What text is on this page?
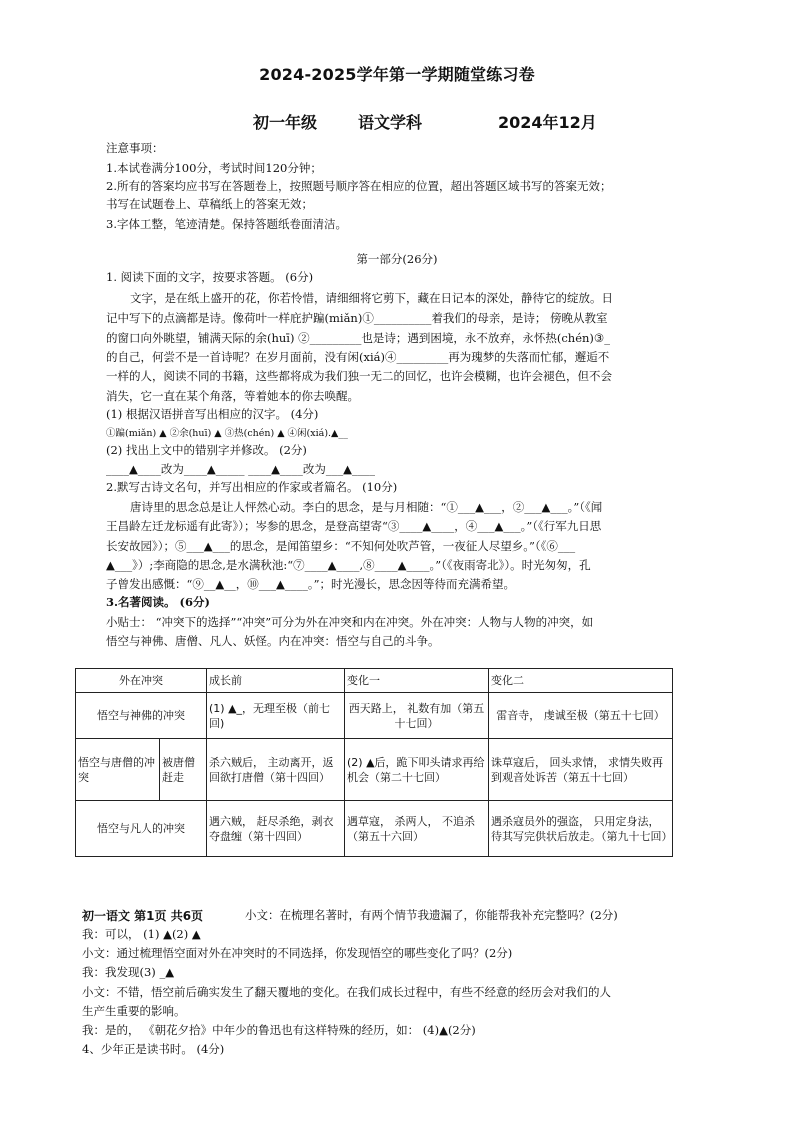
2024-2025学年第一学期随堂练习卷
初一年级	语文学科	2024年12月
注意事项：
1.本试卷满分100分，考试时间120分钟；
2.所有的答案均应书写在答题卷上，按照题号顺序答在相应的位置，超出答题区域书写的答案无效；
书写在试题卷上、草稿纸上的答案无效；
3.字体工整，笔迹清楚。保持答题纸卷面清洁。
第一部分(26分)
1. 阅读下面的文字，按要求答题。 (6分)
文字，是在纸上盛开的花，你若怜惜，请细细将它剪下，藏在日记本的深处，静待它的绽放。日
记中写下的点滴都是诗。像荷叶一样庇护蹁(miǎn)①__________着我们的母亲，是诗； 傍晚从教室
的窗口向外眺望，铺满天际的余(huī) ②_________也是诗；遇到困境，永不放弃，永怀热(chén)③_
的自己，何尝不是一首诗呢？在岁月面前，没有闲(xiá)④_________再为瑰梦的失落而忙郁，邂逅不
一样的人，阅读不同的书籍，这些都将成为我们独一无二的回忆，也许会模糊，也许会褪色，但不会
消失，它一直在某个角落，等着她本的你去唤醒。
(1) 根据汉语拼音写出相应的汉字。 (4分)
①蹁(miǎn) ▲ ②余(huī) ▲ ③热(chén) ▲ ④闲(xiá).▲__
(2) 找出上文中的错别字并修改。 (2分)
____▲____改为____▲_____ ____▲____改为___▲____
2.默写古诗文名句，并写出相应的作家或者篇名。 (10分)
唐诗里的思念总是让人怦然心动。李白的思念，是与月相随：“①___▲___，②___▲___。”（《闻
王昌龄左迁龙标遥有此寄》）；岑参的思念，是登高望寄“③____▲____，④___▲___。”（《行军九日思
长安故园》）；⑤___▲___的思念，是闻笛望乡：“不知何处吹芦管，一夜征人尽望乡。”（《⑥___
▲___》）;李商隐的思念,是水满秋池:“⑦____▲____,⑧____▲____。”（《夜雨寄北》）。时光匆匆，孔
子曾发出感慨：“⑨__▲__，⑩___▲____。”；时光漫长，思念因等待而充满希望。
3.名著阅读。 (6分)
小贴士： “冲突下的选择”“冲突”可分为外在冲突和内在冲突。外在冲突：人物与人物的冲突，如
悟空与神佛、唐僧、凡人、妖怪。内在冲突：悟空与自己的斗争。
外在冲突		成长前	变化一	变化二
悟空与神佛的冲突		(1) ▲_，无理至极（前七回)	西天路上， 礼数有加（第五十七回）	雷音寺， 虔诚至极（第五十七回）
悟空与唐僧的冲突	被唐僧赶走	杀六贼后， 主动离开，返回欲打唐僧（第十四回）	(2) ▲后，跪下叩头请求再给机会（第二十七回）	诛草寇后， 回头求情， 求情失败再到观音处诉苦（第五十七回）
悟空与凡人的冲突		遇六贼， 赶尽杀绝，剥衣夺盘缠（第十四回）	遇草寇， 杀两人， 不追杀（第五十六回）	遇杀寇员外的强盗， 只用定身法，待其写完供状后放走。（第九十七回）
初一语文 第1页 共6页	小文：在梳理名著时，有两个情节我遗漏了，你能帮我补充完整吗？(2分)
我：可以， (1) ▲(2) ▲
小文：通过梳理悟空面对外在冲突时的不同选择，你发现悟空的哪些变化了吗？(2分)
我：我发现(3) _▲
小文：不错，悟空前后确实发生了翻天覆地的变化。在我们成长过程中，有些不经意的经历会对我们的人
生产生重要的影响。
我：是的， 《朝花夕拾》中年少的鲁迅也有这样特殊的经历，如： (4)▲(2分)
4、少年正是读书时。 (4分)
